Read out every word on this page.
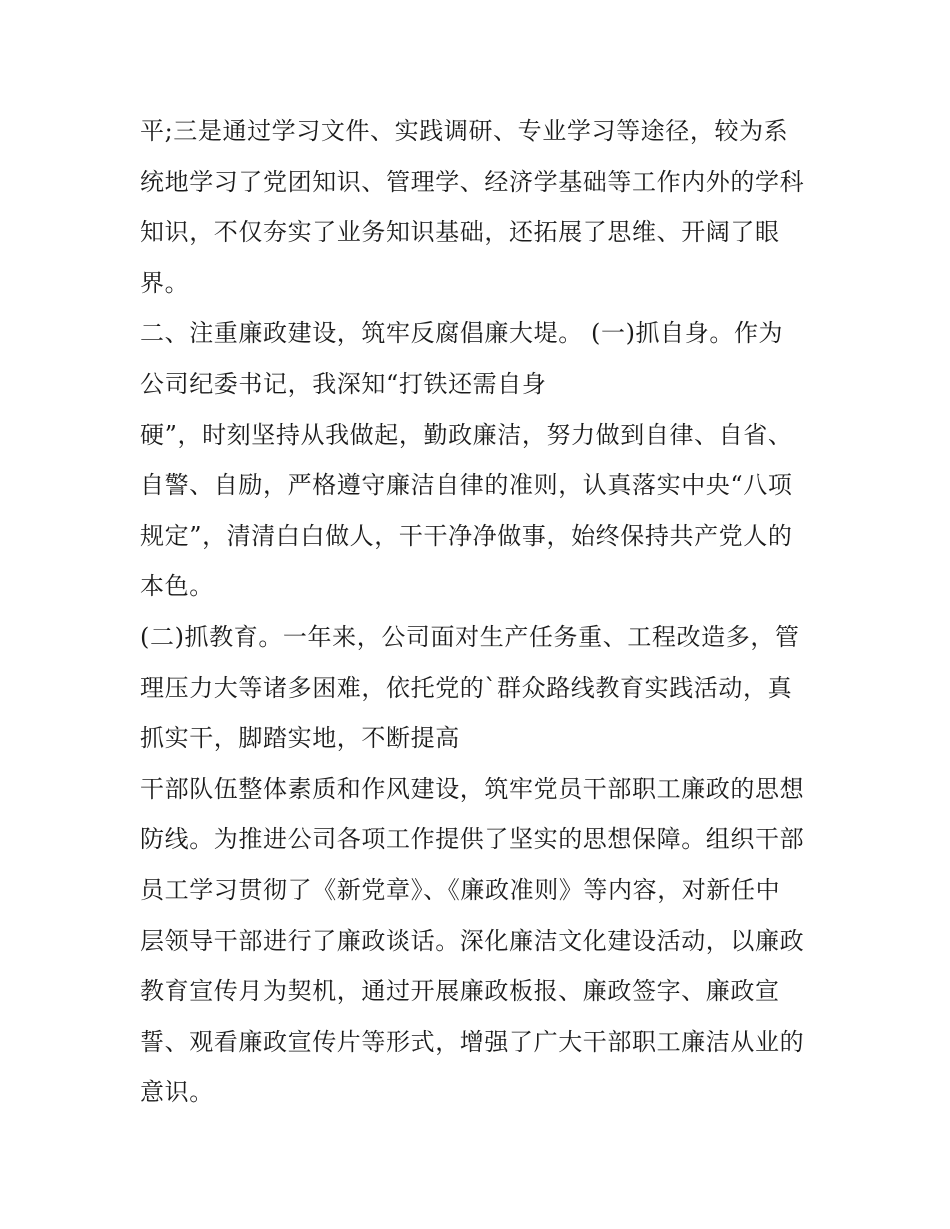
平;三是通过学习文件、实践调研、专业学习等途径，较为系
统地学习了党团知识、管理学、经济学基础等工作内外的学科
知识，不仅夯实了业务知识基础，还拓展了思维、开阔了眼
界。
二、注重廉政建设，筑牢反腐倡廉大堤。 (一)抓自身。作为
公司纪委书记，我深知“打铁还需自身
硬”，时刻坚持从我做起，勤政廉洁，努力做到自律、自省、
自警、自励，严格遵守廉洁自律的准则，认真落实中央“八项
规定”，清清白白做人，干干净净做事，始终保持共产党人的
本色。
(二)抓教育。一年来，公司面对生产任务重、工程改造多，管
理压力大等诸多困难，依托党的`群众路线教育实践活动，真
抓实干，脚踏实地，不断提高
干部队伍整体素质和作风建设，筑牢党员干部职工廉政的思想
防线。为推进公司各项工作提供了坚实的思想保障。组织干部
员工学习贯彻了《新党章》、《廉政准则》等内容，对新任中
层领导干部进行了廉政谈话。深化廉洁文化建设活动，以廉政
教育宣传月为契机，通过开展廉政板报、廉政签字、廉政宣
誓、观看廉政宣传片等形式，增强了广大干部职工廉洁从业的
意识。
